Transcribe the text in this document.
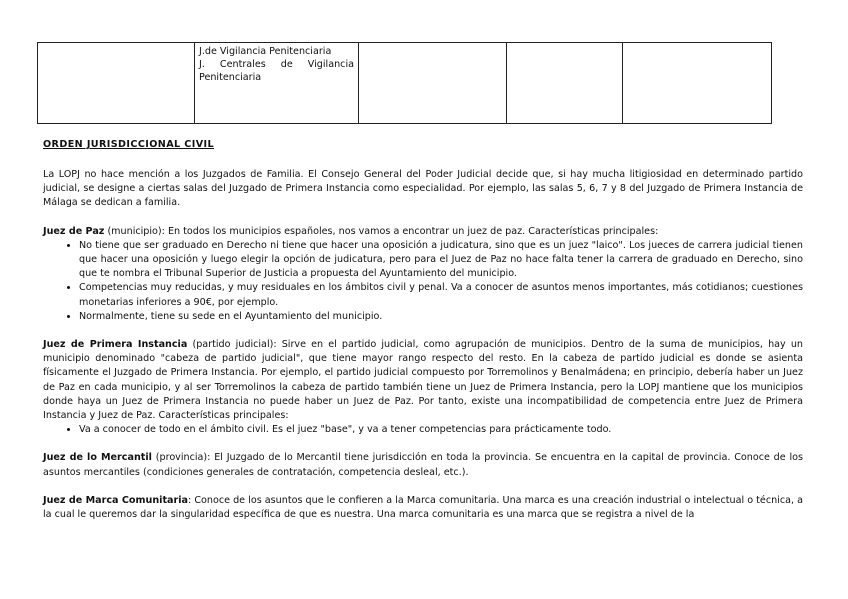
J.de Vigilancia Penitenciaria
J. Centrales de Vigilancia
Penitenciaria

ORDEN JURISDICCIONAL CIVIL

La LOPJ no hace mención a los Juzgados de Familia. El Consejo General del Poder Judicial decide que, si hay mucha litigiosidad en determinado partido judicial, se designe a ciertas salas del Juzgado de Primera Instancia como especialidad. Por ejemplo, las salas 5, 6, 7 y 8 del Juzgado de Primera Instancia de Málaga se dedican a familia.

Juez de Paz (municipio): En todos los municipios españoles, nos vamos a encontrar un juez de paz. Características principales:

• No tiene que ser graduado en Derecho ni tiene que hacer una oposición a judicatura, sino que es un juez "laico". Los jueces de carrera judicial tienen que hacer una oposición y luego elegir la opción de judicatura, pero para el Juez de Paz no hace falta tener la carrera de graduado en Derecho, sino que te nombra el Tribunal Superior de Justicia a propuesta del Ayuntamiento del municipio.
• Competencias muy reducidas, y muy residuales en los ámbitos civil y penal. Va a conocer de asuntos menos importantes, más cotidianos; cuestiones monetarias inferiores a 90€, por ejemplo.
• Normalmente, tiene su sede en el Ayuntamiento del municipio.

Juez de Primera Instancia (partido judicial): Sirve en el partido judicial, como agrupación de municipios. Dentro de la suma de municipios, hay un municipio denominado "cabeza de partido judicial", que tiene mayor rango respecto del resto. En la cabeza de partido judicial es donde se asienta físicamente el Juzgado de Primera Instancia. Por ejemplo, el partido judicial compuesto por Torremolinos y Benalmádena; en principio, debería haber un Juez de Paz en cada municipio, y al ser Torremolinos la cabeza de partido también tiene un Juez de Primera Instancia, pero la LOPJ mantiene que los municipios donde haya un Juez de Primera Instancia no puede haber un Juez de Paz. Por tanto, existe una incompatibilidad de competencia entre Juez de Primera Instancia y Juez de Paz. Características principales:

• Va a conocer de todo en el ámbito civil. Es el juez "base", y va a tener competencias para prácticamente todo.

Juez de lo Mercantil (provincia): El Juzgado de lo Mercantil tiene jurisdicción en toda la provincia. Se encuentra en la capital de provincia. Conoce de los asuntos mercantiles (condiciones generales de contratación, competencia desleal, etc.).

Juez de Marca Comunitaria: Conoce de los asuntos que le confieren a la Marca comunitaria. Una marca es una creación industrial o intelectual o técnica, a la cual le queremos dar la singularidad específica de que es nuestra. Una marca comunitaria es una marca que se registra a nivel de la
